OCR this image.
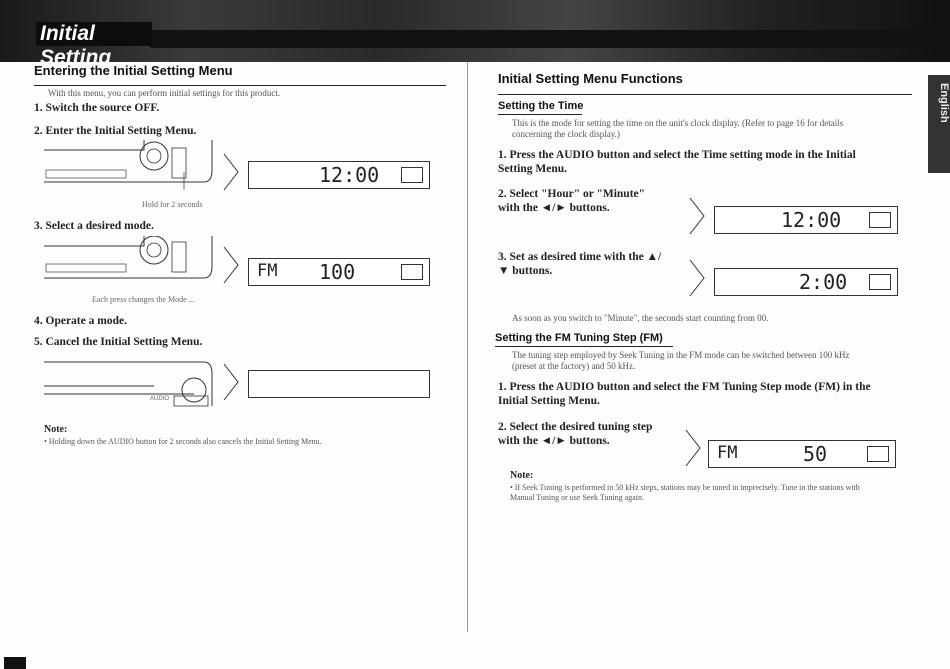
Initial Setting
English
Entering the Initial Setting Menu
With this menu, you can perform initial settings for this product.
1. Switch the source OFF.
2. Enter the Initial Setting Menu.
Hold for 2 seconds
12:00
3. Select a desired mode.
Each press changes the Mode ...
FM 100
4. Operate a mode.
5. Cancel the Initial Setting Menu.
AUDIO
Note:
• Holding down the AUDIO button for 2 seconds also cancels the Initial Setting Menu.
Initial Setting Menu Functions
Setting the Time
This is the mode for setting the time on the unit's clock display. (Refer to page 16 for details concerning the clock display.)
1. Press the AUDIO button and select the Time setting mode in the Initial Setting Menu.
2. Select "Hour" or "Minute" with the ◄/► buttons.	12:00
3. Set as desired time with the ▲/▼ buttons.	2:00
As soon as you switch to "Minute", the seconds start counting from 00.
Setting the FM Tuning Step (FM)
The tuning step employed by Seek Tuning in the FM mode can be switched between 100 kHz (preset at the factory) and 50 kHz.
1. Press the AUDIO button and select the FM Tuning Step mode (FM) in the Initial Setting Menu.
2. Select the desired tuning step with the ◄/► buttons.
FM	50
Note:
• If Seek Tuning is performed in 50 kHz steps, stations may be tuned in imprecisely. Tune in the stations with Manual Tuning or use Seek Tuning again.
